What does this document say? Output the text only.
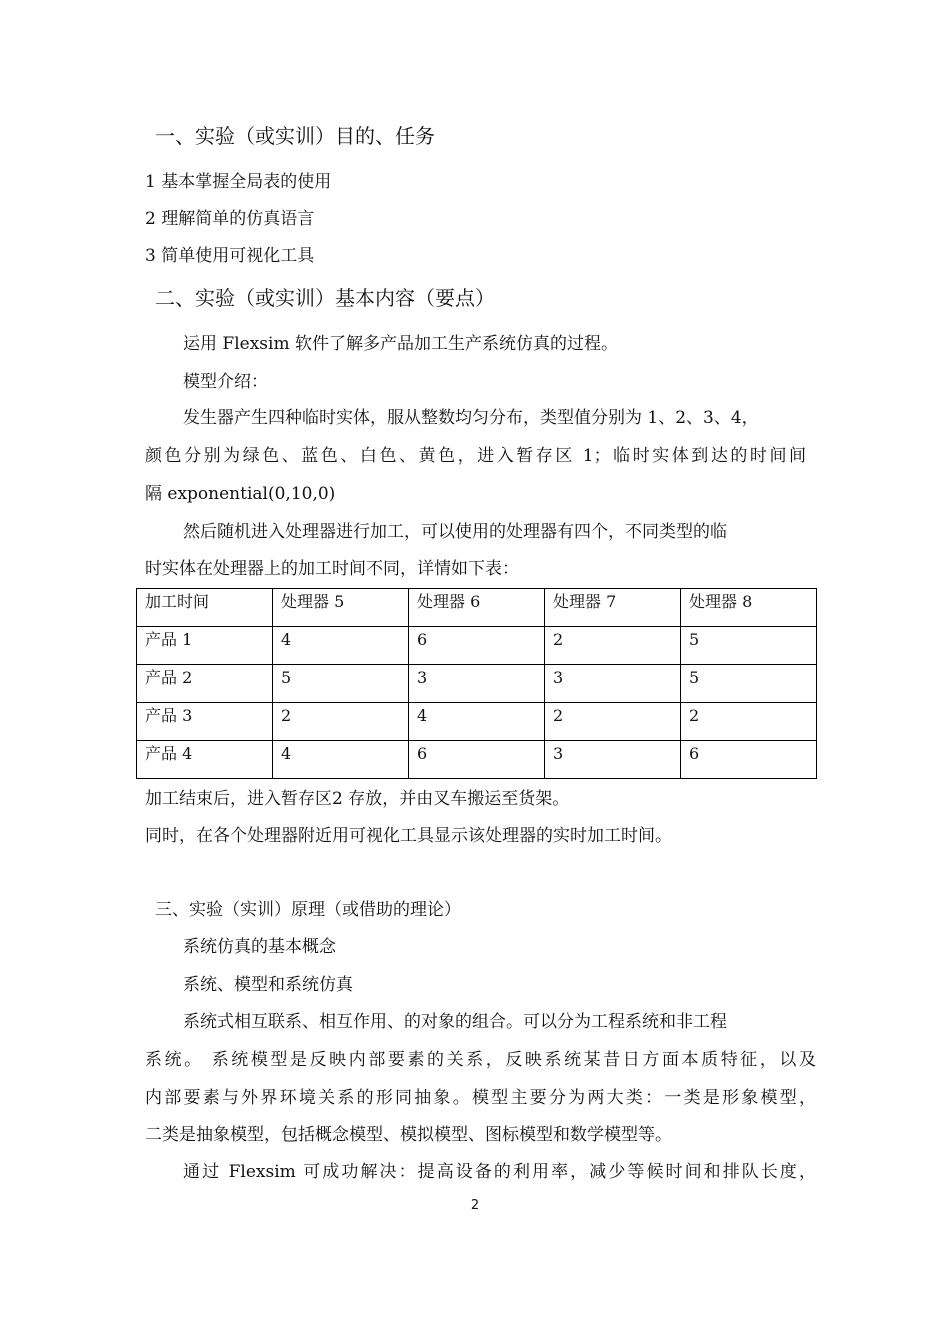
一、实验（或实训）目的、任务
1 基本掌握全局表的使用
2 理解简单的仿真语言
3 简单使用可视化工具
二、实验（或实训）基本内容（要点）
运用 Flexsim 软件了解多产品加工生产系统仿真的过程。
模型介绍：
发生器产生四种临时实体，服从整数均匀分布，类型值分别为 1、2、3、4，
颜色分别为绿色、蓝色、白色、黄色，进入暂存区 1；临时实体到达的时间间
隔 exponential(0,10,0)
然后随机进入处理器进行加工，可以使用的处理器有四个，不同类型的临
时实体在处理器上的加工时间不同，详情如下表：
加工时间	处理器 5	处理器 6	处理器 7	处理器 8
产品 1	4	6	2	5
产品 2	5	3	3	5
产品 3	2	4	2	2
产品 4	4	6	3	6
加工结束后，进入暂存区2 存放，并由叉车搬运至货架。
同时，在各个处理器附近用可视化工具显示该处理器的实时加工时间。
三、实验（实训）原理（或借助的理论）
系统仿真的基本概念
系统、模型和系统仿真
系统式相互联系、相互作用、的对象的组合。可以分为工程系统和非工程
系统。 系统模型是反映内部要素的关系，反映系统某昔日方面本质特征，以及
内部要素与外界环境关系的形同抽象。模型主要分为两大类：一类是形象模型，
二类是抽象模型，包括概念模型、模拟模型、图标模型和数学模型等。
通过 Flexsim 可成功解决：提高设备的利用率，减少等候时间和排队长度，
2
